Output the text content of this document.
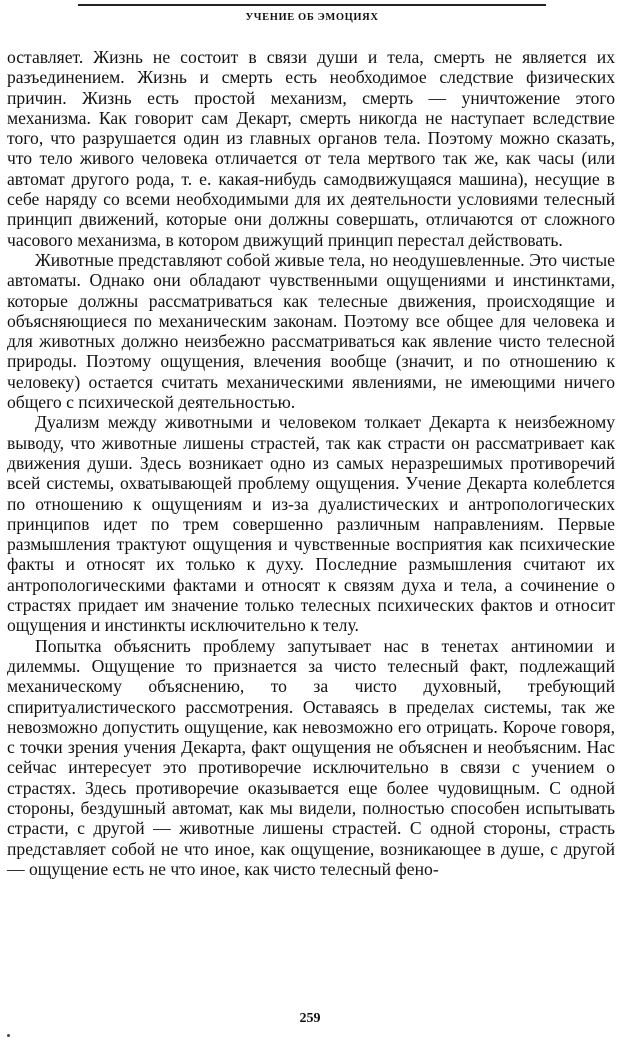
УЧЕНИЕ ОБ ЭМОЦИЯХ

оставляет. Жизнь не состоит в связи души и тела, смерть не является их разъединением. Жизнь и смерть есть необходимое следствие физических причин. Жизнь есть простой механизм, смерть — уничтожение этого механизма. Как говорит сам Декарт, смерть никогда не наступает вследствие того, что разрушается один из главных органов тела. Поэтому можно сказать, что тело живого человека отличается от тела мертвого так же, как часы (или автомат другого рода, т. е. какая-нибудь самодвижущаяся машина), несущие в себе наряду со всеми необходимыми для их деятельности условиями телесный принцип движений, которые они должны совершать, отличаются от сложного часового механизма, в котором движущий принцип перестал действовать.

Животные представляют собой живые тела, но неодушевленные. Это чистые автоматы. Однако они обладают чувственными ощущениями и инстинктами, которые должны рассматриваться как телесные движения, происходящие и объясняющиеся по механическим законам. Поэтому все общее для человека и для животных должно неизбежно рассматриваться как явление чисто телесной природы. Поэтому ощущения, влечения вообще (значит, и по отношению к человеку) остается считать механическими явлениями, не имеющими ничего общего с психической деятельностью.

Дуализм между животными и человеком толкает Декарта к неизбежному выводу, что животные лишены страстей, так как страсти он рассматривает как движения души. Здесь возникает одно из самых неразрешимых противоречий всей системы, охватывающей проблему ощущения. Учение Декарта колеблется по отношению к ощущениям и из-за дуалистических и антропологических принципов идет по трем совершенно различным направлениям. Первые размышления трактуют ощущения и чувственные восприятия как психические факты и относят их только к духу. Последние размышления считают их антропологическими фактами и относят к связям духа и тела, а сочинение о страстях придает им значение только телесных психических фактов и относит ощущения и инстинкты исключительно к телу.

Попытка объяснить проблему запутывает нас в тенетах антиномии и дилеммы. Ощущение то признается за чисто телесный факт, подлежащий механическому объяснению, то за чисто духовный, требующий спиритуалистического рассмотрения. Оставаясь в пределах системы, так же невозможно допустить ощущение, как невозможно его отрицать. Короче говоря, с точки зрения учения Декарта, факт ощущения не объяснен и необъясним. Нас сейчас интересует это противоречие исключительно в связи с учением о страстях. Здесь противоречие оказывается еще более чудовищным. С одной стороны, бездушный автомат, как мы видели, полностью способен испытывать страсти, с другой — животные лишены страстей. С одной стороны, страсть представляет собой не что иное, как ощущение, возникающее в душе, с другой — ощущение есть не что иное, как чисто телесный фено-

259
